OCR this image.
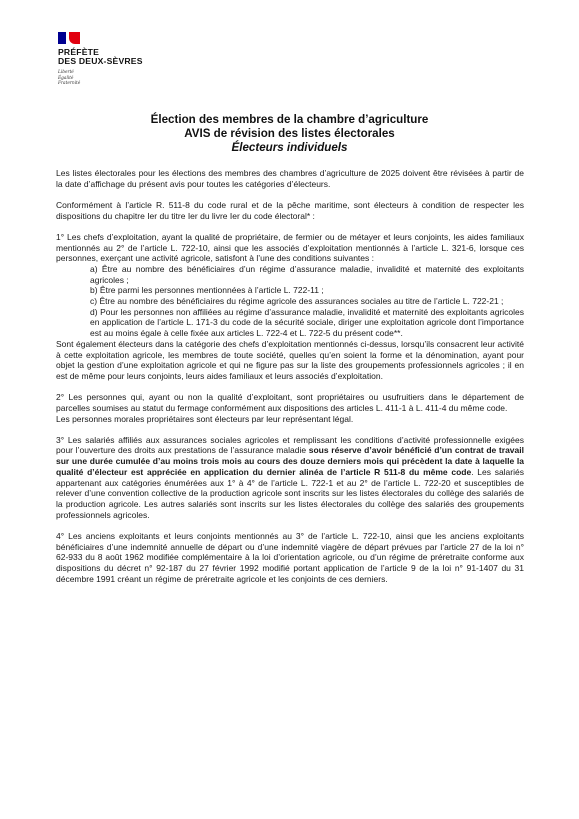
PRÉFÈTE
DES DEUX-SÈVRES
Liberté
Égalité
Fraternité
Élection des membres de la chambre d’agriculture
AVIS de révision des listes électorales
Électeurs individuels

Les listes électorales pour les élections des membres des chambres d’agriculture de 2025 doivent être révisées à partir de la date d’affichage du présent avis pour toutes les catégories d’électeurs.

Conformément à l’article R. 511-8 du code rural et de la pêche maritime, sont électeurs à condition de respecter les dispositions du chapitre Ier du titre Ier du livre Ier du code électoral* :

1° Les chefs d’exploitation, ayant la qualité de propriétaire, de fermier ou de métayer et leurs conjoints, les aides familiaux mentionnés au 2° de l’article L. 722-10, ainsi que les associés d’exploitation mentionnés à l’article L. 321-6, lorsque ces personnes, exerçant une activité agricole, satisfont à l’une des conditions suivantes :

a) Être au nombre des bénéficiaires d’un régime d’assurance maladie, invalidité et maternité des exploitants agricoles ;

b) Être parmi les personnes mentionnées à l’article L. 722-11 ;

c) Être au nombre des bénéficiaires du régime agricole des assurances sociales au titre de l’article L. 722-21 ;

d) Pour les personnes non affiliées au régime d’assurance maladie, invalidité et maternité des exploitants agricoles en application de l’article L. 171-3 du code de la sécurité sociale, diriger une exploitation agricole dont l’importance est au moins égale à celle fixée aux articles L. 722-4 et L. 722-5 du présent code**.

Sont également électeurs dans la catégorie des chefs d’exploitation mentionnés ci-dessus, lorsqu’ils consacrent leur activité à cette exploitation agricole, les membres de toute société, quelles qu’en soient la forme et la dénomination, ayant pour objet la gestion d’une exploitation agricole et qui ne figure pas sur la liste des groupements professionnels agricoles ; il en est de même pour leurs conjoints, leurs aides familiaux et leurs associés d’exploitation.

2° Les personnes qui, ayant ou non la qualité d’exploitant, sont propriétaires ou usufruitiers dans le département de parcelles soumises au statut du fermage conformément aux dispositions des articles L. 411-1 à L. 411-4 du même code.

Les personnes morales propriétaires sont électeurs par leur représentant légal.

3° Les salariés affiliés aux assurances sociales agricoles et remplissant les conditions d’activité professionnelle exigées pour l’ouverture des droits aux prestations de l’assurance maladie sous réserve d’avoir bénéficié d’un contrat de travail sur une durée cumulée d’au moins trois mois au cours des douze derniers mois qui précèdent la date à laquelle la qualité d’électeur est appréciée en application du dernier alinéa de l’article R 511-8 du même code. Les salariés appartenant aux catégories énumérées aux 1° à 4° de l’article L. 722-1 et au 2° de l’article L. 722-20 et susceptibles de relever d’une convention collective de la production agricole sont inscrits sur les listes électorales du collège des salariés de la production agricole. Les autres salariés sont inscrits sur les listes électorales du collège des salariés des groupements professionnels agricoles.

4° Les anciens exploitants et leurs conjoints mentionnés au 3° de l’article L. 722-10, ainsi que les anciens exploitants bénéficiaires d’une indemnité annuelle de départ ou d’une indemnité viagère de départ prévues par l’article 27 de la loi n° 62-933 du 8 août 1962 modifiée complémentaire à la loi d’orientation agricole, ou d’un régime de préretraite conforme aux dispositions du décret n° 92-187 du 27 février 1992 modifié portant application de l’article 9 de la loi n° 91-1407 du 31 décembre 1991 créant un régime de préretraite agricole et les conjoints de ces derniers.
